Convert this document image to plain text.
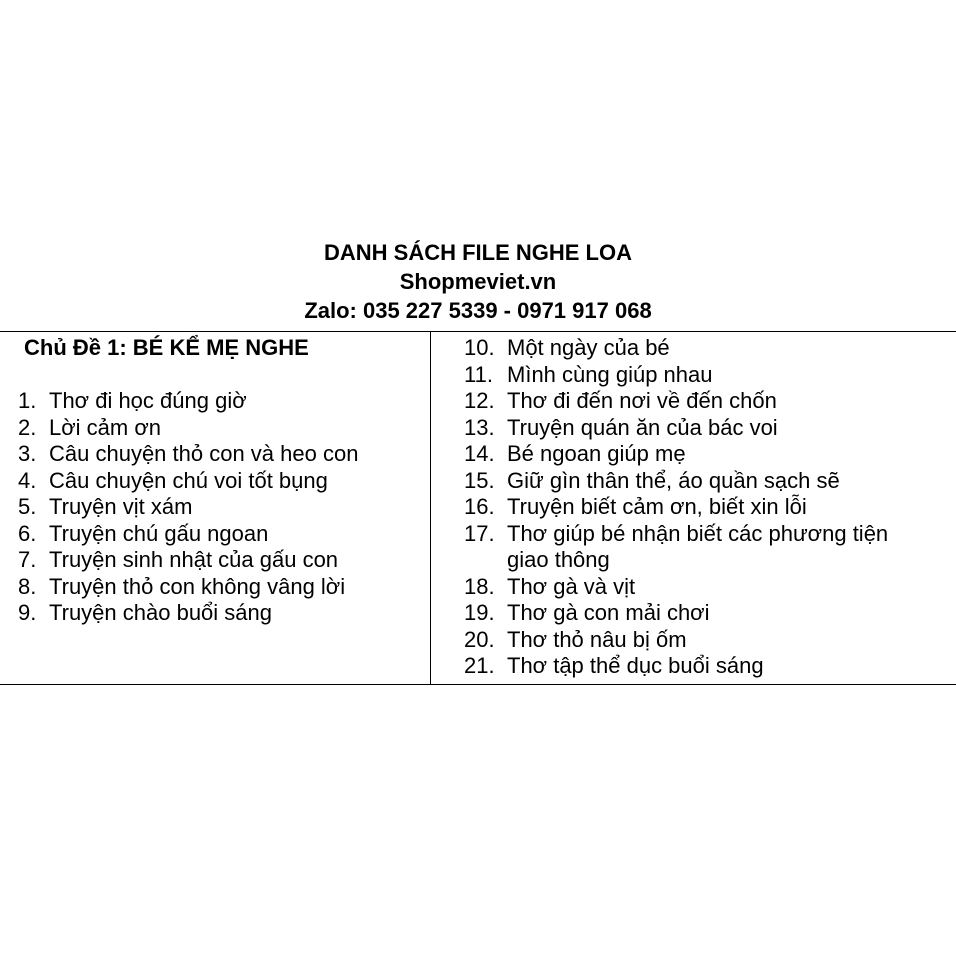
DANH SÁCH FILE NGHE LOA
Shopmeviet.vn
Zalo: 035 227 5339 - 0971 917 068
Chủ Đề 1: BÉ KỂ MẸ NGHE
1. Thơ đi học đúng giờ
2. Lời cảm ơn
3. Câu chuyện thỏ con và heo con
4. Câu chuyện chú voi tốt bụng
5. Truyện vịt xám
6. Truyện chú gấu ngoan
7. Truyện sinh nhật của gấu con
8. Truyện thỏ con không vâng lời
9. Truyện chào buổi sáng
10. Một ngày của bé
11. Mình cùng giúp nhau
12. Thơ đi đến nơi về đến chốn
13. Truyện quán ăn của bác voi
14. Bé ngoan giúp mẹ
15. Giữ gìn thân thể, áo quần sạch sẽ
16. Truyện biết cảm ơn, biết xin lỗi
17. Thơ giúp bé nhận biết các phương tiện giao thông
18. Thơ gà và vịt
19. Thơ gà con mải chơi
20. Thơ thỏ nâu bị ốm
21. Thơ tập thể dục buổi sáng
